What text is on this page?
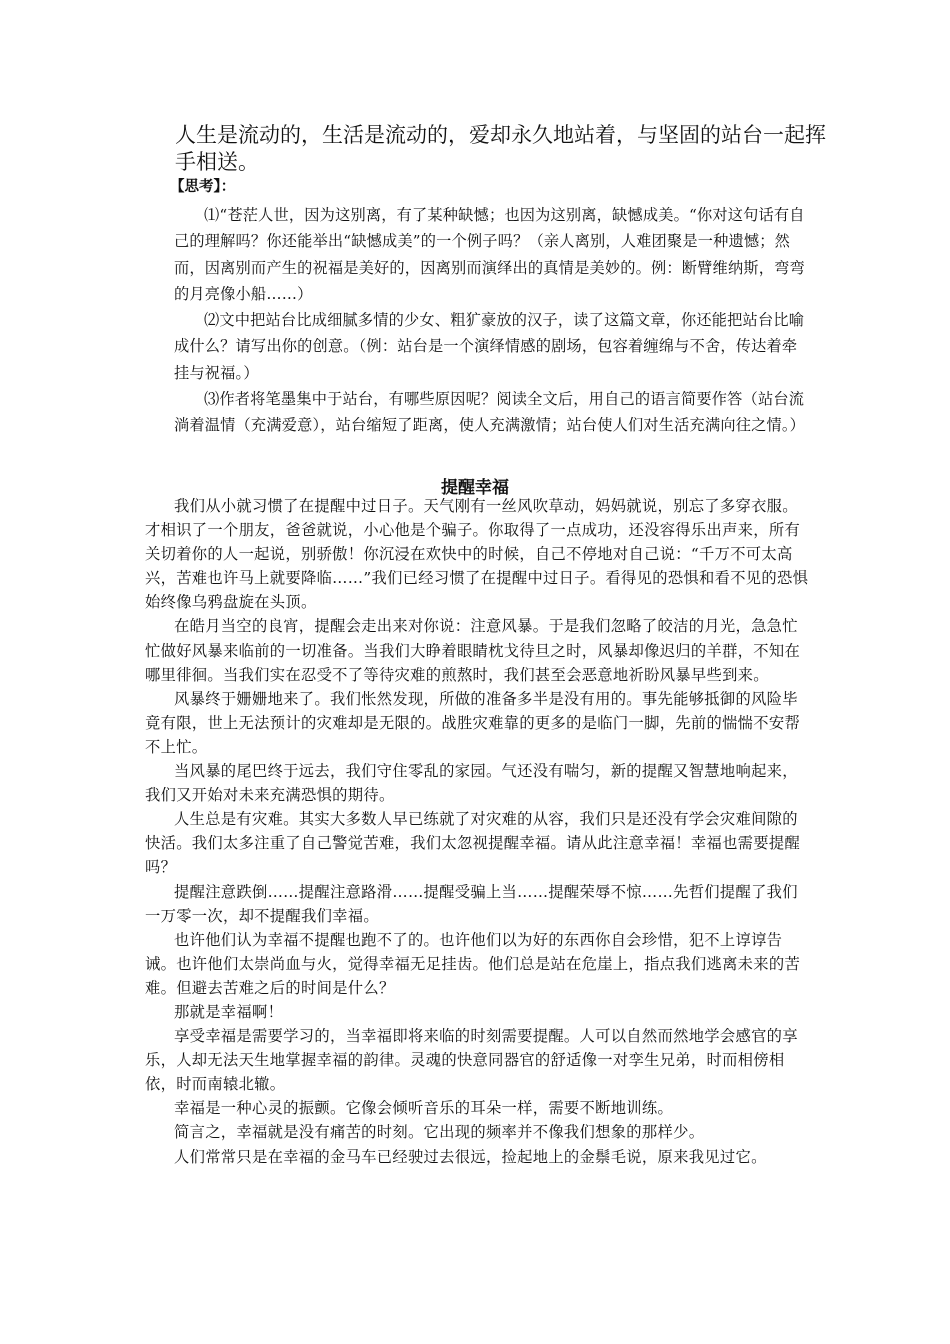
人生是流动的，生活是流动的，爱却永久地站着，与坚固的站台一起挥手相送。

【思考】：

⑴“苍茫人世，因为这别离，有了某种缺憾；也因为这别离，缺憾成美。“你对这句话有自己的理解吗？你还能举出“缺憾成美”的一个例子吗？（亲人离别，人难团聚是一种遗憾；然而，因离别而产生的祝福是美好的，因离别而演绎出的真情是美妙的。例：断臂维纳斯，弯弯的月亮像小船……）

⑵文中把站台比成细腻多情的少女、粗犷豪放的汉子，读了这篇文章，你还能把站台比喻成什么？请写出你的创意。（例：站台是一个演绎情感的剧场，包容着缠绵与不舍，传达着牵挂与祝福。）

⑶作者将笔墨集中于站台，有哪些原因呢？阅读全文后，用自己的语言简要作答（站台流淌着温情（充满爱意），站台缩短了距离，使人充满激情；站台使人们对生活充满向往之情。）

提醒幸福

我们从小就习惯了在提醒中过日子。天气刚有一丝风吹草动，妈妈就说，别忘了多穿衣服。才相识了一个朋友，爸爸就说，小心他是个骗子。你取得了一点成功，还没容得乐出声来，所有关切着你的人一起说，别骄傲！你沉浸在欢快中的时候，自己不停地对自己说：“千万不可太高兴，苦难也许马上就要降临……”我们已经习惯了在提醒中过日子。看得见的恐惧和看不见的恐惧始终像乌鸦盘旋在头顶。

在皓月当空的良宵，提醒会走出来对你说：注意风暴。于是我们忽略了皎洁的月光，急急忙忙做好风暴来临前的一切准备。当我们大睁着眼睛枕戈待旦之时，风暴却像迟归的羊群，不知在哪里徘徊。当我们实在忍受不了等待灾难的煎熬时，我们甚至会恶意地祈盼风暴早些到来。

风暴终于姗姗地来了。我们怅然发现，所做的准备多半是没有用的。事先能够抵御的风险毕竟有限，世上无法预计的灾难却是无限的。战胜灾难靠的更多的是临门一脚，先前的惴惴不安帮不上忙。

当风暴的尾巴终于远去，我们守住零乱的家园。气还没有喘匀，新的提醒又智慧地响起来，我们又开始对未来充满恐惧的期待。

人生总是有灾难。其实大多数人早已练就了对灾难的从容，我们只是还没有学会灾难间隙的快活。我们太多注重了自己警觉苦难，我们太忽视提醒幸福。请从此注意幸福！幸福也需要提醒吗？

提醒注意跌倒……提醒注意路滑……提醒受骗上当……提醒荣辱不惊……先哲们提醒了我们一万零一次，却不提醒我们幸福。

也许他们认为幸福不提醒也跑不了的。也许他们以为好的东西你自会珍惜，犯不上谆谆告诫。也许他们太崇尚血与火，觉得幸福无足挂齿。他们总是站在危崖上，指点我们逃离未来的苦难。但避去苦难之后的时间是什么？

那就是幸福啊！

享受幸福是需要学习的，当幸福即将来临的时刻需要提醒。人可以自然而然地学会感官的享乐，人却无法天生地掌握幸福的韵律。灵魂的快意同器官的舒适像一对孪生兄弟，时而相傍相依，时而南辕北辙。

幸福是一种心灵的振颤。它像会倾听音乐的耳朵一样，需要不断地训练。

简言之，幸福就是没有痛苦的时刻。它出现的频率并不像我们想象的那样少。

人们常常只是在幸福的金马车已经驶过去很远，捡起地上的金鬃毛说，原来我见过它。
